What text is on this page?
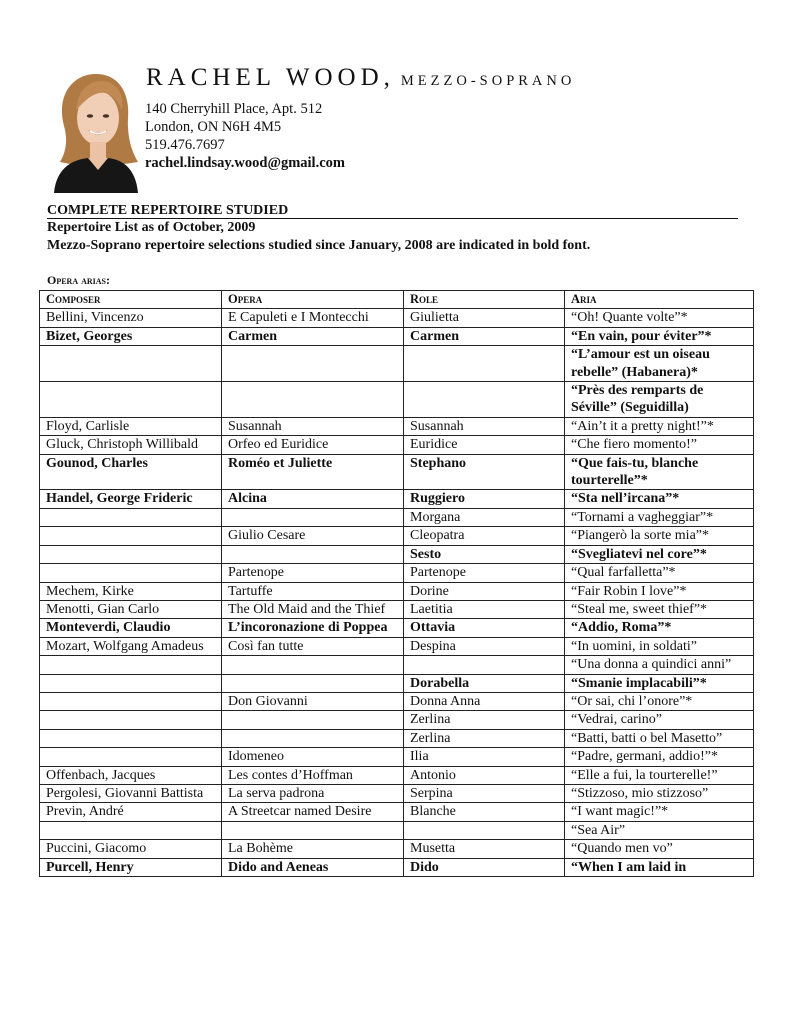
RACHEL WOOD, MEZZO-SOPRANO
140 Cherryhill Place, Apt. 512
London, ON N6H 4M5
519.476.7697
rachel.lindsay.wood@gmail.com
COMPLETE REPERTOIRE STUDIED
Repertoire List as of October, 2009
Mezzo-Soprano repertoire selections studied since January, 2008 are indicated in bold font.
Opera arias:
Composer	Opera	Role	Aria
Bellini, Vincenzo	E Capuleti e I Montecchi	Giulietta	“Oh! Quante volte”*
Bizet, Georges	Carmen	Carmen	“En vain, pour éviter”*
			“L’amour est un oiseau rebelle” (Habanera)*
			“Près des remparts de Séville” (Seguidilla)
Floyd, Carlisle	Susannah	Susannah	“Ain’t it a pretty night!”*
Gluck, Christoph Willibald	Orfeo ed Euridice	Euridice	“Che fiero momento!”
Gounod, Charles	Roméo et Juliette	Stephano	“Que fais-tu, blanche tourterelle”*
Handel, George Frideric	Alcina	Ruggiero	“Sta nell’ircana”*
		Morgana	“Tornami a vagheggiar”*
	Giulio Cesare	Cleopatra	“Piangerò la sorte mia”*
		Sesto	“Svegliatevi nel core”*
	Partenope	Partenope	“Qual farfalletta”*
Mechem, Kirke	Tartuffe	Dorine	“Fair Robin I love”*
Menotti, Gian Carlo	The Old Maid and the Thief	Laetitia	“Steal me, sweet thief”*
Monteverdi, Claudio	L’incoronazione di Poppea	Ottavia	“Addio, Roma”*
Mozart, Wolfgang Amadeus	Così fan tutte	Despina	“In uomini, in soldati”
			“Una donna a quindici anni”
		Dorabella	“Smanie implacabili”*
	Don Giovanni	Donna Anna	“Or sai, chi l’onore”*
		Zerlina	“Vedrai, carino”
		Zerlina	“Batti, batti o bel Masetto”
	Idomeneo	Ilia	“Padre, germani, addio!”*
Offenbach, Jacques	Les contes d’Hoffman	Antonio	“Elle a fui, la tourterelle!”
Pergolesi, Giovanni Battista	La serva padrona	Serpina	“Stizzoso, mio stizzoso”
Previn, André	A Streetcar named Desire	Blanche	“I want magic!”*
			“Sea Air”
Puccini, Giacomo	La Bohème	Musetta	“Quando men vo”
Purcell, Henry	Dido and Aeneas	Dido	“When I am laid in
